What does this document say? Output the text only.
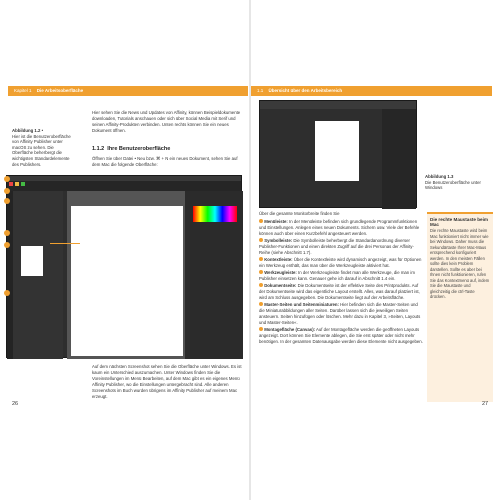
Kapitel 1 Die Arbeitsoberfläche
Hier sehen Sie die News und Updates von Affinity, können Beispieldokumente downloaden, Tutorials anschauen oder sich über Social Media mit Serif und seinen Affinity-Produkten verbinden. Unten rechts können Sie ein neues Dokument öffnen.
Abbildung 1.2 •
Hier ist die Benutzeroberfläche von Affinity Publisher unter macOS zu sehen. Die Oberfläche beherbergt die wichtigsten Standardelemente des Publishers.
1.1.2 Ihre Benutzeroberfläche
Öffnen Sie über Datei • Neu bzw. ⌘ + N ein neues Dokument, sehen Sie auf dem Mac die folgende Oberfläche:
Auf dem nächsten Screenshot sehen Sie die Oberfläche unter Windows. Es ist kaum ein Unterschied auszumachen. Unter Windows finden Sie die Voreinstellungen im Menü Bearbeiten, auf dem Mac gibt es ein eigenes Menü Affinity Publisher, wo die Einstellungen untergebracht sind. Alle anderen Screenshots im Buch wurden übrigens im Affinity Publisher auf meinem Mac erzeugt.
26
1.1 Übersicht über den Arbeitsbereich
Abbildung 1.3
Die Benutzeroberfläche unter Windows
Über die gesamte Monitorbreite finden Sie
Menüleiste: In der Menüleiste befinden sich grundlegende Programmfunktionen und Einstellungen. Anlegen eines neuen Dokuments. Sichern usw. Viele der Befehle können auch über einen Kurzbefehl angesteuert werden.
Symbolleiste: Die Symbolleiste beherbergt die Standardanordnung diverser Publisher-Funktionen und einen direkten Zugriff auf die drei Personas der Affinity-Reihe (siehe Abschnitt 1.7).
Kontextleiste: Über die Kontextleiste wird dynamisch angezeigt, was für Optionen ein Werkzeug enthält, das man über die Werkzeugleiste aktiviert hat.
Werkzeugleiste: In der Werkzeugleiste findet man alle Werkzeuge, die man im Publisher einsetzen kann. Genauer gehe ich darauf in Abschnitt 1.4 ein.
Dokumentseite: Die Dokumentseite ist der effektive Seite des Printprodukts. Auf der Dokumentseite wird das eigentliche Layout erstellt. Alles, was darauf platziert ist, wird am Schluss ausgegeben. Die Dokumentseite liegt auf der Arbeitsfläche.
Master-Seiten und Seitenminiaturen: Hier befinden sich die Master-Seiten und die Miniaturabbildungen aller Seiten. Darüber lassen sich die jeweiligen Seiten ansteuern. Seiten hinzufügen oder löschen. Mehr dazu in Kapitel 3, »Seiten, Layouts und Master-Seiten«.
Montagefläche (Canvas): Auf der Montagefläche werden die geöffneten Layouts angezeigt. Dort können Sie Elemente ablegen, die Sie erst später oder nicht mehr benötigen. In der gesamten Datenausgabe werden diese Elemente nicht ausgegeben.
Die rechte Maustaste beim Mac
Die rechte Maustaste wird beim Mac funktioniert nicht immer wie bei Windows. Daher muss die Sekundärtaste Ihrer Mac-Maus entsprechend konfiguriert werden. In den meisten Fällen sollte dies kein Problem darstellen. Sollte es aber bei Ihnen nicht funktionieren, rufen Sie das Kontextmenü auf, indem Sie die Maustaste und gleichzeitig die ctrl-Taste drücken.
27
